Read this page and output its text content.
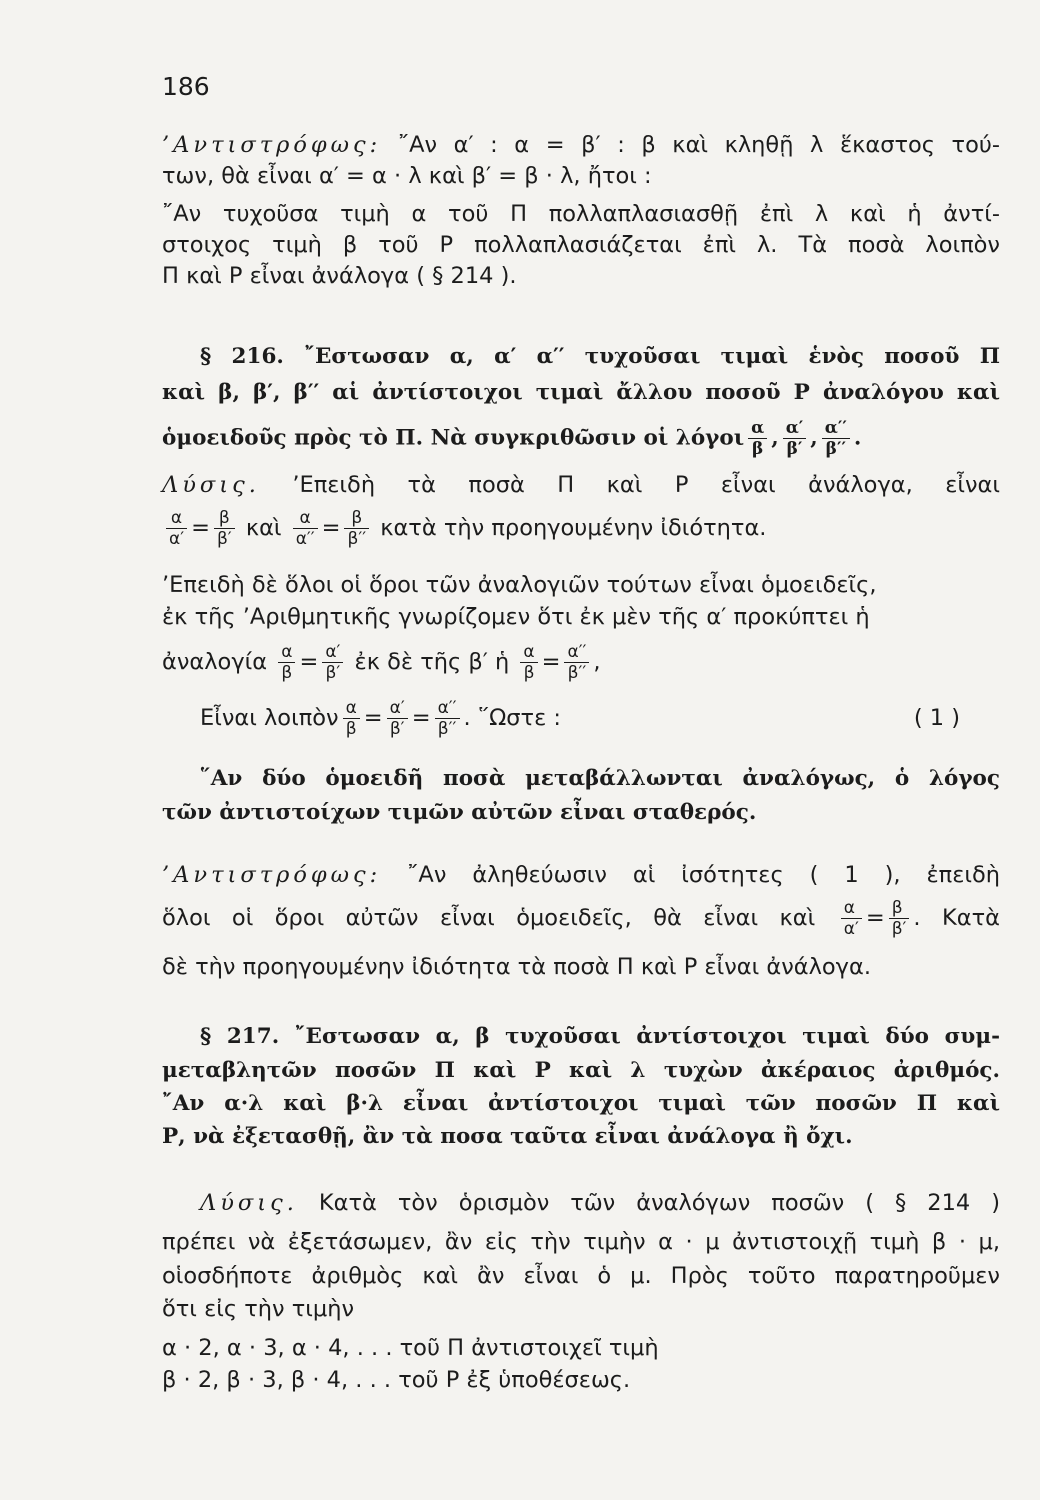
186
’Αντιστρόφως: ῎Αν α′ : α = β′ : β καὶ κληθῇ λ ἕκαστος τού-
των, θὰ εἶναι α′ = α · λ καὶ β′ = β · λ, ἤτοι :
῎Αν τυχοῦσα τιμὴ α τοῦ Π πολλαπλασιασθῇ ἐπὶ λ καὶ ἡ ἀντί-
στοιχος τιμὴ β τοῦ Ρ πολλαπλασιάζεται ἐπὶ λ. Τὰ ποσὰ λοιπὸν
Π καὶ Ρ εἶναι ἀνάλογα ( § 214 ).
§ 216. ῎Εστωσαν α, α′ α′′ τυχοῦσαι τιμαὶ ἑνὸς ποσοῦ Π
καὶ β, β′, β′′ αἱ ἀντίστοιχοι τιμαὶ ἄλλου ποσοῦ Ρ ἀναλόγου καὶ
ὁμοειδοῦς πρὸς τὸ Π. Νὰ συγκριθῶσιν οἱ λόγοι $\frac{\alpha}{\beta}$ , $\frac{\alpha'}{\beta'}$ , $\frac{\alpha''}{\beta''}$ .
Λύσις. ’Επειδὴ τὰ ποσὰ Π καὶ Ρ εἶναι ἀνάλογα, εἶναι
$\frac{\alpha}{\alpha'} = \frac{\beta}{\beta'}$ καὶ $\frac{\alpha}{\alpha''} = \frac{\beta}{\beta''}$ κατὰ τὴν προηγουμένην ἰδιότητα.
’Επειδὴ δὲ ὅλοι οἱ ὅροι τῶν ἀναλογιῶν τούτων εἶναι ὁμοειδεῖς,
ἐκ τῆς ’Αριθμητικῆς γνωρίζομεν ὅτι ἐκ μὲν τῆς α′ προκύπτει ἡ
ἀναλογία $\frac{\alpha}{\beta} = \frac{\alpha'}{\beta'}$ ἐκ δὲ τῆς β′ ἡ $\frac{\alpha}{\beta} = \frac{\alpha''}{\beta''}$ ,
Εἶναι λοιπὸν $\frac{\alpha}{\beta} = \frac{\alpha'}{\beta'} = \frac{\alpha''}{\beta''}$ . ῞Ωστε :	( 1 )
῞Αν δύο ὁμοειδῆ ποσὰ μεταβάλλωνται ἀναλόγως, ὁ λόγος
τῶν ἀντιστοίχων τιμῶν αὐτῶν εἶναι σταθερός.
’Αντιστρόφως: ῎Αν ἀληθεύωσιν αἱ ἰσότητες ( 1 ), ἐπειδὴ
ὅλοι οἱ ὅροι αὐτῶν εἶναι ὁμοειδεῖς, θὰ εἶναι καὶ $\frac{\alpha}{\alpha'} = \frac{\beta}{\beta'}$ . Κατὰ
δὲ τὴν προηγουμένην ἰδιότητα τὰ ποσὰ Π καὶ Ρ εἶναι ἀνάλογα.
§ 217. ῎Εστωσαν α, β τυχοῦσαι ἀντίστοιχοι τιμαὶ δύο συμ-
μεταβλητῶν ποσῶν Π καὶ Ρ καὶ λ τυχὼν ἀκέραιος ἀριθμός.
῎Αν α·λ καὶ β·λ εἶναι ἀντίστοιχοι τιμαὶ τῶν ποσῶν Π καὶ
Ρ, νὰ ἐξετασθῇ, ἂν τὰ ποσα ταῦτα εἶναι ἀνάλογα ἢ ὄχι.
Λύσις. Κατὰ τὸν ὁρισμὸν τῶν ἀναλόγων ποσῶν ( § 214 )
πρέπει νὰ ἐξετάσωμεν, ἂν εἰς τὴν τιμὴν α · μ ἀντιστοιχῇ τιμὴ β · μ,
οἱοσδήποτε ἀριθμὸς καὶ ἂν εἶναι ὁ μ. Πρὸς τοῦτο παρατηροῦμεν
ὅτι εἰς τὴν τιμὴν
α · 2, α · 3, α · 4, . . . τοῦ Π ἀντιστοιχεῖ τιμὴ
β · 2, β · 3, β · 4, . . . τοῦ Ρ ἐξ ὑποθέσεως.
